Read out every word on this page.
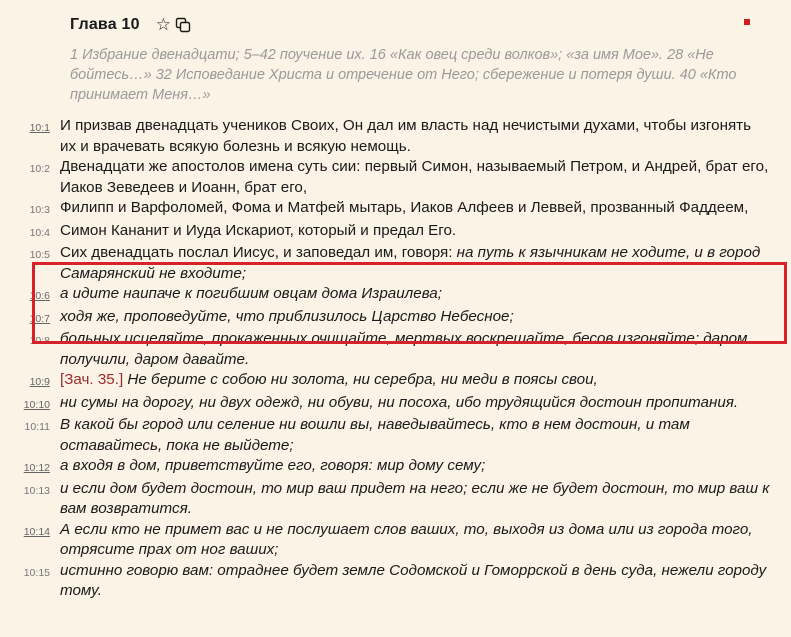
Глава 10 ☆
1 Избрание двенадцати; 5–42 поучение их. 16 «Как овец среди волков»; «за имя Мое». 28 «Не бойтесь…» 32 Исповедание Христа и отречение от Него; сбережение и потеря души. 40 «Кто принимает Меня…»
10:1 И призвав двенадцать учеников Своих, Он дал им власть над нечистыми духами, чтобы изгонять их и врачевать всякую болезнь и всякую немощь.
10:2 Двенадцати же апостолов имена суть сии: первый Симон, называемый Петром, и Андрей, брат его, Иаков Зеведеев и Иоанн, брат его,
10:3 Филипп и Варфоломей, Фома и Матфей мытарь, Иаков Алфеев и Леввей, прозванный Фаддеем,
10:4 Симон Кананит и Иуда Искариот, который и предал Его.
10:5 Сих двенадцать послал Иисус, и заповедал им, говоря: на путь к язычникам не ходите, и в город Самарянский не входите;
10:6 а идите наипаче к погибшим овцам дома Израилева;
10:7 ходя же, проповедуйте, что приблизилось Царство Небесное;
10:8 больных исцеляйте, прокаженных очищайте, мертвых воскрешайте, бесов изгоняйте; даром получили, даром давайте.
10:9 [Зач. 35.] Не берите с собою ни золота, ни серебра, ни меди в поясы свои,
10:10 ни сумы на дорогу, ни двух одежд, ни обуви, ни посоха, ибо трудящийся достоин пропитания.
10:11 В какой бы город или селение ни вошли вы, наведывайтесь, кто в нем достоин, и там оставайтесь, пока не выйдете;
10:12 а входя в дом, приветствуйте его, говоря: мир дому сему;
10:13 и если дом будет достоин, то мир ваш придет на него; если же не будет достоин, то мир ваш к вам возвратится.
10:14 А если кто не примет вас и не послушает слов ваших, то, выходя из дома или из города того, отрясите прах от ног ваших;
10:15 истинно говорю вам: отраднее будет земле Содомской и Гоморрской в день суда, нежели городу тому.
